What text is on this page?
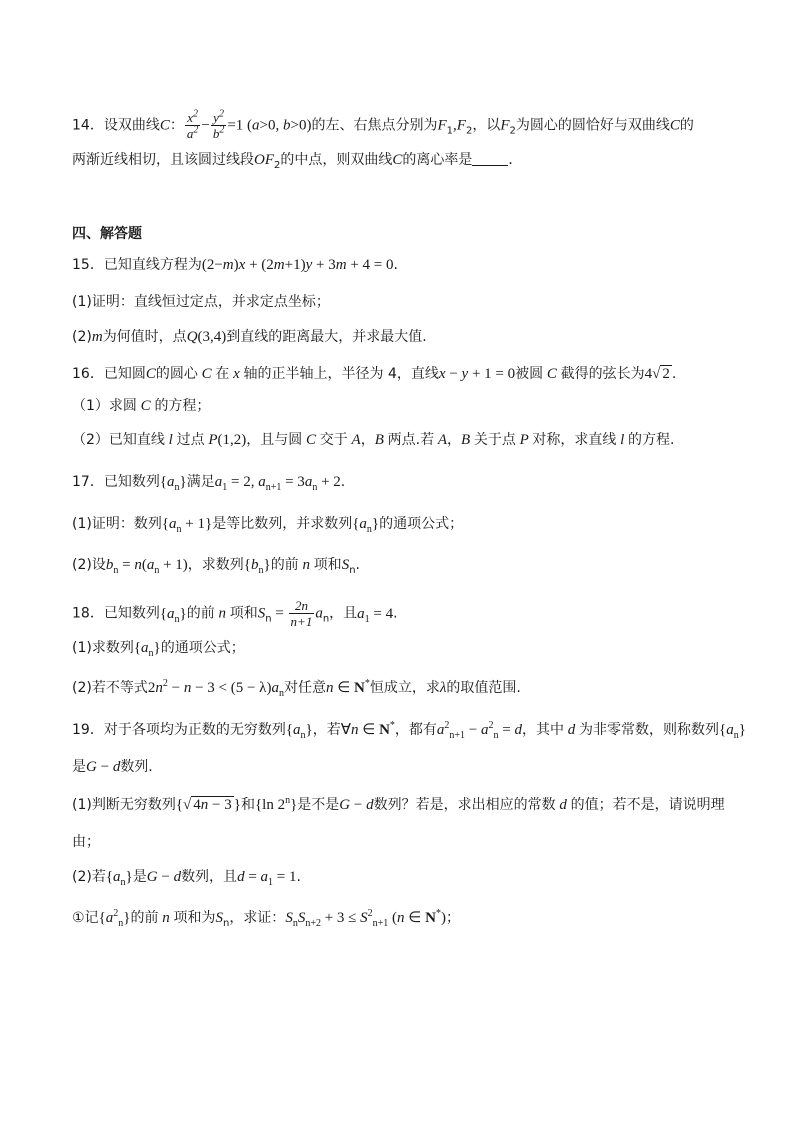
14．设双曲线C： $\frac{x^2}{a^2} - \frac{y^2}{b^2} =1$ (a>0, b>0)的左、右焦点分别为$F_1,F_2$，以$F_2$为圆心的圆恰好与双曲线C的
两渐近线相切，且该圆过线段$OF_2$的中点，则双曲线C的离心率是	．
四、解答题
15．已知直线方程为(2−m)x + (2m+1)y + 3m + 4 = 0.
(1)证明：直线恒过定点，并求定点坐标；
(2)m为何值时，点Q(3,4)到直线的距离最大，并求最大值.
16．已知圆C的圆心 C 在 x 轴的正半轴上，半径为 4，直线x − y + 1 = 0被圆 C 截得的弦长为4√ 2 .
（1）求圆 C 的方程；
（2）已知直线 l 过点 P(1,2)，且与圆 C 交于 A，B 两点.若 A，B 关于点 P 对称，求直线 l 的方程.
17．已知数列$\{a_n\}$满足$a_1 = 2$, $a_{n+1} = 3a_n + 2$.
(1)证明：数列$\{a_n + 1\}$是等比数列，并求数列$\{a_n\}$的通项公式；
(2)设$b_n = n(a_n + 1)$，求数列$\{b_n\}$的前 n 项和$S_n$.
18．已知数列$\{a_n\}$的前 n 项和$S_n = \frac{2n}{n+1} a_n$，且$a_1 = 4$.
(1)求数列$\{a_n\}$的通项公式；
(2)若不等式$2n^2 - n - 3 < (5 - \lambda)a_n$对任意n ∈ N*恒成立，求λ的取值范围.
19．对于各项均为正数的无穷数列$\{a_n\}$，若∀n ∈ N*，都有$a^2_{n+1} - a^2_n = d$，其中 d 为非零常数，则称数列$\{a_n\}$
是G − d数列.
(1)判断无穷数列{√ 4n − 3 }和{ln 2$^n$}是不是G − d数列？若是，求出相应的常数 d 的值；若不是，请说明理
由；
(2)若$\{a_n\}$是G − d数列，且$d = a_1 = 1$.
①记$\{a^2_n\}$的前 n 项和为$S_n$，求证：$S_nS_{n+2} + 3 \le S^2_{n+1}$ (n ∈ N*)；
